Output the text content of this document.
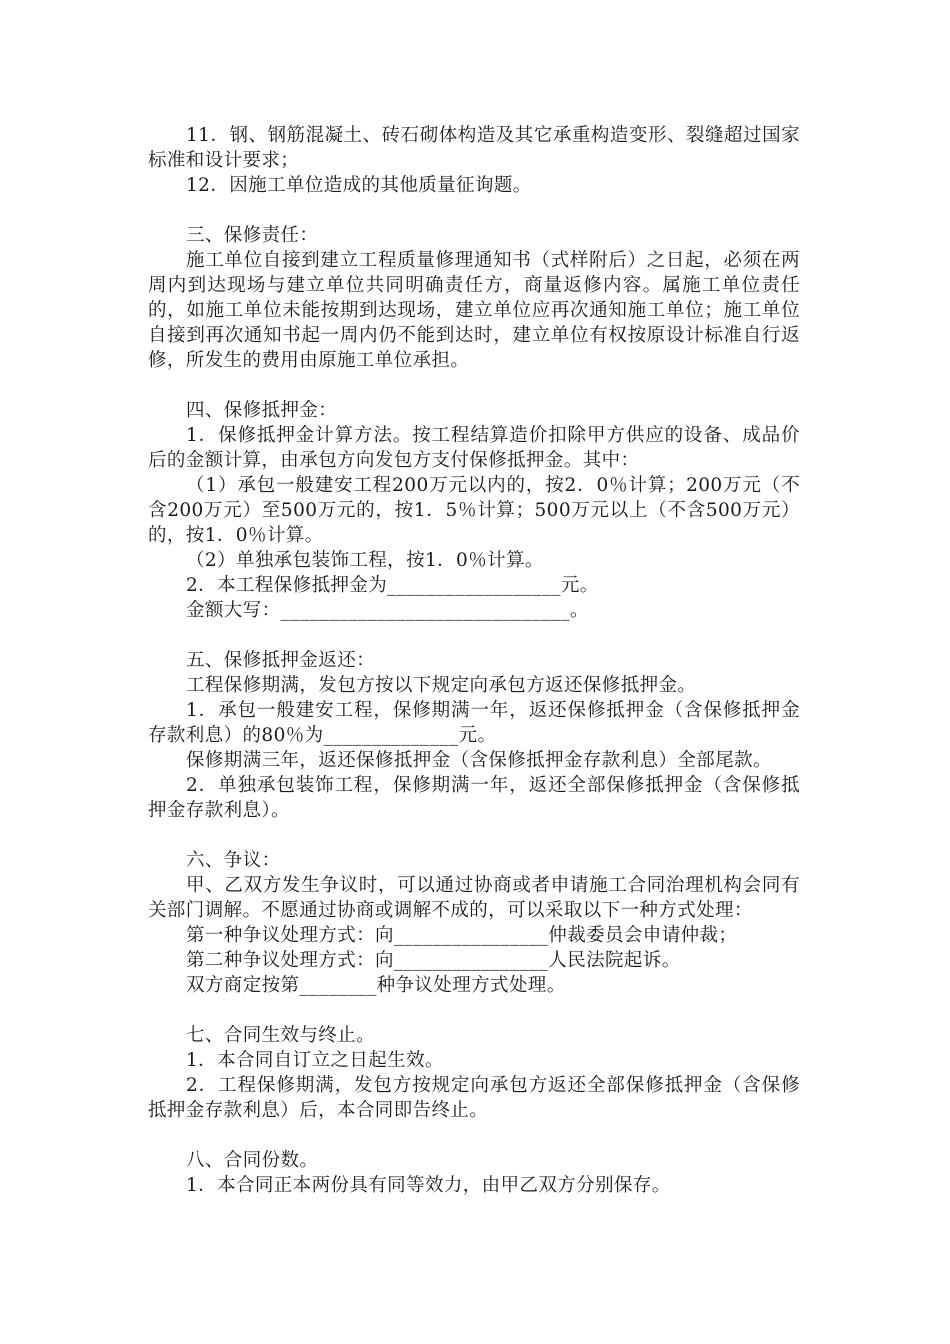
11．钢、钢筋混凝土、砖石砌体构造及其它承重构造变形、裂缝超过国家标准和设计要求；

12．因施工单位造成的其他质量征询题。

三、保修责任：

施工单位自接到建立工程质量修理通知书（式样附后）之日起，必须在两周内到达现场与建立单位共同明确责任方，商量返修内容。属施工单位责任的，如施工单位未能按期到达现场，建立单位应再次通知施工单位；施工单位自接到再次通知书起一周内仍不能到达时，建立单位有权按原设计标准自行返修，所发生的费用由原施工单位承担。

四、保修抵押金：

1．保修抵押金计算方法。按工程结算造价扣除甲方供应的设备、成品价后的金额计算，由承包方向发包方支付保修抵押金。其中：

（1）承包一般建安工程200万元以内的，按2．0％计算；200万元（不含200万元）至500万元的，按1．5％计算；500万元以上（不含500万元）的，按1．0％计算。

（2）单独承包装饰工程，按1．0％计算。

2．本工程保修抵押金为__________________元。

金额大写：______________________________。

五、保修抵押金返还：

工程保修期满，发包方按以下规定向承包方返还保修抵押金。

1．承包一般建安工程，保修期满一年，返还保修抵押金（含保修抵押金存款利息）的80％为______________元。

保修期满三年，返还保修抵押金（含保修抵押金存款利息）全部尾款。

2．单独承包装饰工程，保修期满一年，返还全部保修抵押金（含保修抵押金存款利息）。

六、争议：

甲、乙双方发生争议时，可以通过协商或者申请施工合同治理机构会同有关部门调解。不愿通过协商或调解不成的，可以采取以下一种方式处理：

第一种争议处理方式：向________________仲裁委员会申请仲裁；

第二种争议处理方式：向________________人民法院起诉。

双方商定按第________种争议处理方式处理。

七、合同生效与终止。

1．本合同自订立之日起生效。

2．工程保修期满，发包方按规定向承包方返还全部保修抵押金（含保修抵押金存款利息）后，本合同即告终止。

八、合同份数。

1．本合同正本两份具有同等效力，由甲乙双方分别保存。
